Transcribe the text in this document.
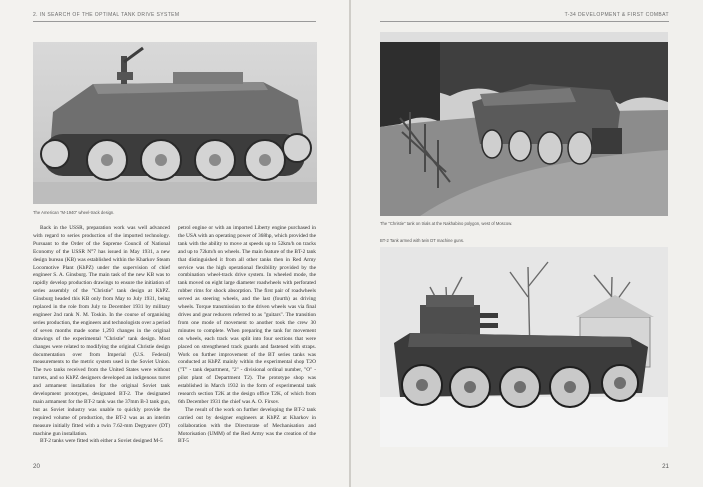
2. IN SEARCH OF THE OPTIMAL TANK DRIVE SYSTEM
The American "M-1940" wheel-track design.

Back in the USSR, preparation work was well advanced with regard to series production of the imported technology. Pursuant to the Order of the Supreme Council of National Economy of the USSR N°7 has issued in May 1931, a new design bureau (KB) was established within the Kharkov Steam Locomotive Plant (KhPZ) under the supervision of chief engineer S. A. Ginsburg. The main task of the new KB was to rapidly develop production drawings to ensure the initiation of series assembly of the "Christie" tank design at KhPZ. Ginsburg headed this KB only from May to July 1931, being replaced in the role from July to December 1931 by military engineer 2nd rank N. M. Toskin. In the course of organising series production, the engineers and technologists over a period of seven months made some 1,293 changes in the original drawings of the experimental "Christie" tank design. Most changes were related to modifying the original Christie design documentation over from Imperial (U.S. Federal) measurements to the metric system used in the Soviet Union. The two tanks received from the United States were without turrets, and so KhPZ designers developed an indigenous turret and armament installation for the original Soviet tank development prototypes, designated BT-2. The designated main armament for the BT-2 tank was the 37mm B-3 tank gun, but as Soviet industry was unable to quickly provide the required volume of production, the BT-2 was as an interim measure initially fitted with a twin 7.62-mm Degtyarev (DT) machine gun installation.

BT-2 tanks were fitted with either a Soviet designed M-5

petrol engine or with an imported Liberty engine purchased in the USA with an operating power of 368hp, which provided the tank with the ability to move at speeds up to 52km/h on tracks and up to 72km/h on wheels. The main feature of the BT-2 tank that distinguished it from all other tanks then in Red Army service was the high operational flexibility provided by the combination wheel-track drive system. In wheeled mode, the tank moved on eight large diameter roadwheels with perforated rubber rims for shock absorption. The first pair of roadwheels served as steering wheels, and the last (fourth) as driving wheels. Torque transmission to the driven wheels was via final drives and gear reducers referred to as "guitars". The transition from one mode of movement to another took the crew 30 minutes to complete. When preparing the tank for movement on wheels, each track was split into four sections that were placed on strengthened track guards and fastened with straps. Work on further improvement of the BT series tanks was conducted at KhPZ mainly within the experimental shop T2O ("T" - tank department, "2" - divisional ordinal number, "O" - pilot plant of Department T2). The prototype shop was established in March 1932 in the form of experimental tank research section T2K at the design office T2K, of which from 6th December 1931 the chief was A. O. Firsov.

The result of the work on further developing the BT-2 tank carried out by designer engineers at KhPZ at Kharkov in collaboration with the Directorate of Mechanisation and Motorisation (UMM) of the Red Army was the creation of the BT-5

20
T-34 DEVELOPMENT & FIRST COMBAT
The "Christie" tank on trials at the Nakhabino polygon, west of Moscow.
BT-2 Tank armed with twin DT machine guns.
21
